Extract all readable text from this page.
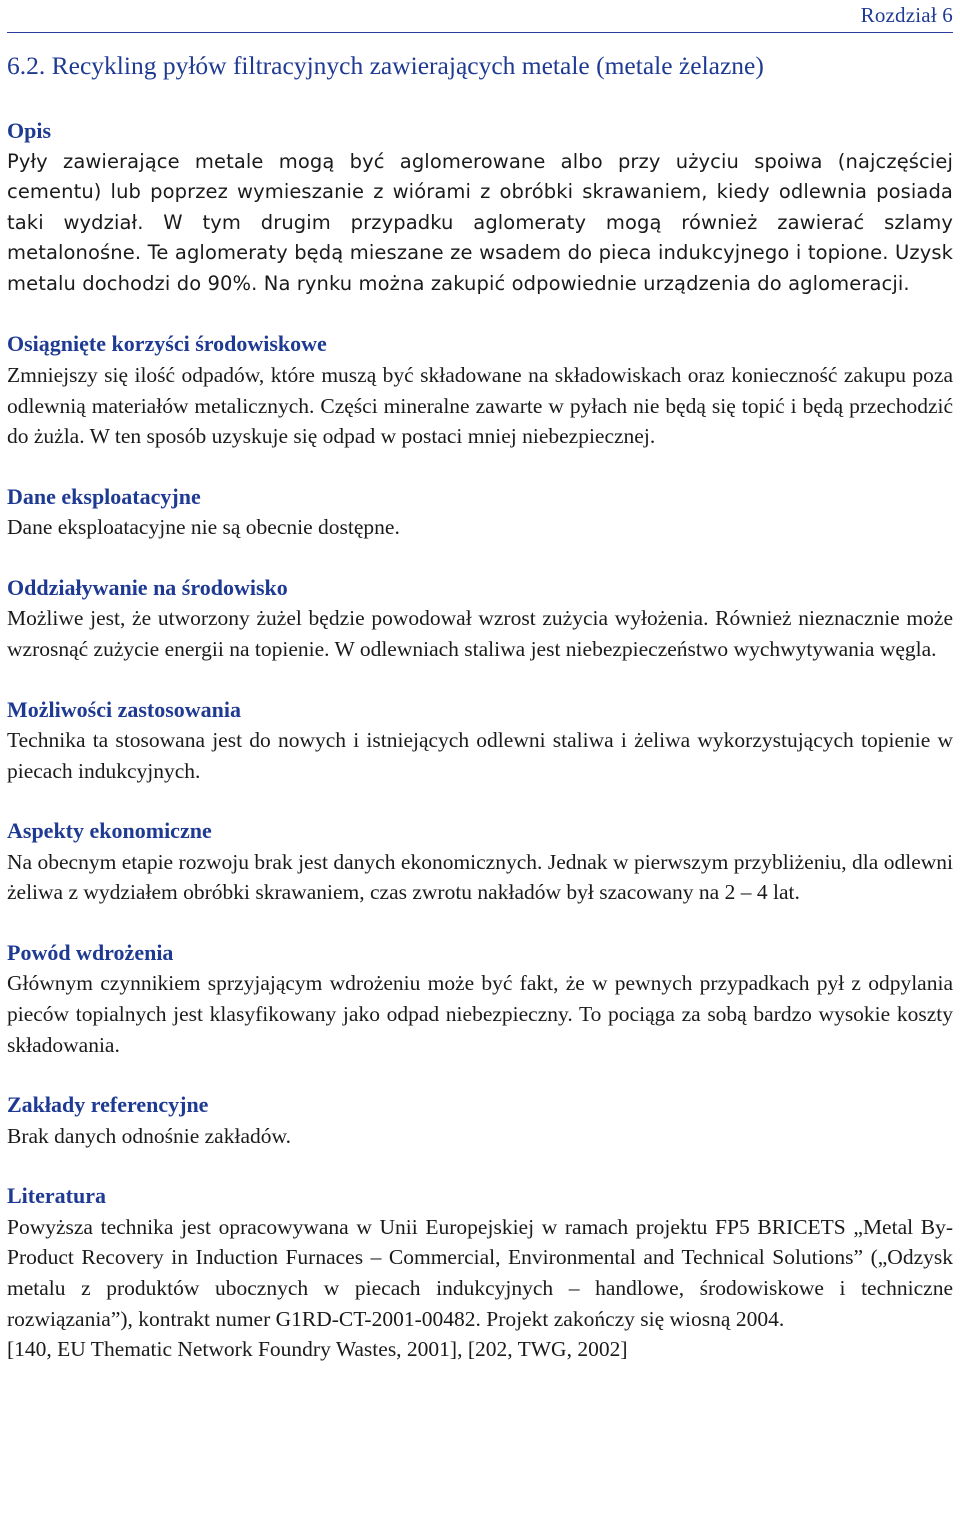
Rozdział 6
6.2. Recykling pyłów filtracyjnych zawierających metale (metale żelazne)
Opis

Pyły zawierające metale mogą być aglomerowane albo przy użyciu spoiwa (najczęściej cementu) lub poprzez wymieszanie z wiórami z obróbki skrawaniem, kiedy odlewnia posiada taki wydział. W tym drugim przypadku aglomeraty mogą również zawierać szlamy metalonośne. Te aglomeraty będą mieszane ze wsadem do pieca indukcyjnego i topione. Uzysk metalu dochodzi do 90%. Na rynku można zakupić odpowiednie urządzenia do aglomeracji.

Osiągnięte korzyści środowiskowe

Zmniejszy się ilość odpadów, które muszą być składowane na składowiskach oraz konieczność zakupu poza odlewnią materiałów metalicznych. Części mineralne zawarte w pyłach nie będą się topić i będą przechodzić do żużla. W ten sposób uzyskuje się odpad w postaci mniej niebezpiecznej.

Dane eksploatacyjne

Dane eksploatacyjne nie są obecnie dostępne.

Oddziaływanie na środowisko

Możliwe jest, że utworzony żużel będzie powodował wzrost zużycia wyłożenia. Również nieznacznie może wzrosnąć zużycie energii na topienie. W odlewniach staliwa jest niebezpieczeństwo wychwytywania węgla.

Możliwości zastosowania

Technika ta stosowana jest do nowych i istniejących odlewni staliwa i żeliwa wykorzystujących topienie w piecach indukcyjnych.

Aspekty ekonomiczne

Na obecnym etapie rozwoju brak jest danych ekonomicznych. Jednak w pierwszym przybliżeniu, dla odlewni żeliwa z wydziałem obróbki skrawaniem, czas zwrotu nakładów był szacowany na 2 – 4 lat.

Powód wdrożenia

Głównym czynnikiem sprzyjającym wdrożeniu może być fakt, że w pewnych przypadkach pył z odpylania pieców topialnych jest klasyfikowany jako odpad niebezpieczny. To pociąga za sobą bardzo wysokie koszty składowania.

Zakłady referencyjne

Brak danych odnośnie zakładów.

Literatura

Powyższa technika jest opracowywana w Unii Europejskiej w ramach projektu FP5 BRICETS „Metal By-Product Recovery in Induction Furnaces – Commercial, Environmental and Technical Solutions” („Odzysk metalu z produktów ubocznych w piecach indukcyjnych – handlowe, środowiskowe i techniczne rozwiązania”), kontrakt numer G1RD-CT-2001-00482. Projekt zakończy się wiosną 2004.

[140, EU Thematic Network Foundry Wastes, 2001], [202, TWG, 2002]
